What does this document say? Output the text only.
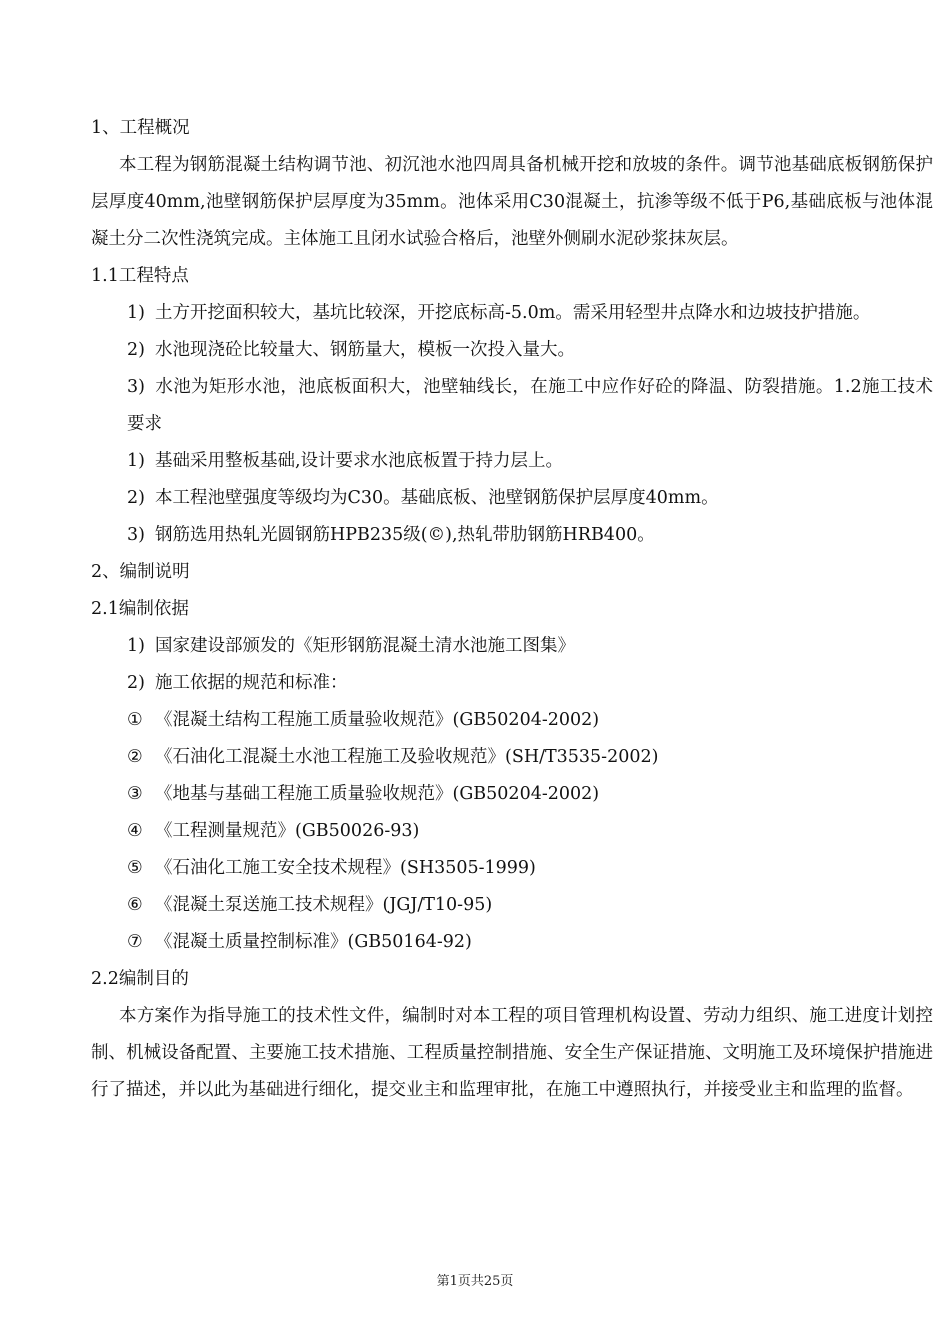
1、工程概况

本工程为钢筋混凝土结构调节池、初沉池水池四周具备机械开挖和放坡的条件。调节池基础底板钢筋保护层厚度40mm,池壁钢筋保护层厚度为35mm。池体采用C30混凝土，抗渗等级不低于P6,基础底板与池体混凝土分二次性浇筑完成。主体施工且闭水试验合格后，池壁外侧刷水泥砂浆抹灰层。

1.1工程特点

1) 土方开挖面积较大，基坑比较深，开挖底标高-5.0m。需采用轻型井点降水和边坡技护措施。

2) 水池现浇砼比较量大、钢筋量大，模板一次投入量大。

3) 水池为矩形水池，池底板面积大，池壁轴线长，在施工中应作好砼的降温、防裂措施。1.2施工技术要求

1) 基础采用整板基础,设计要求水池底板置于持力层上。

2) 本工程池壁强度等级均为C30。基础底板、池壁钢筋保护层厚度40mm。

3) 钢筋选用热轧光圆钢筋HPB235级(©),热轧带肋钢筋HRB400。

2、编制说明

2.1编制依据

1) 国家建设部颁发的《矩形钢筋混凝土清水池施工图集》

2) 施工依据的规范和标准：

① 《混凝土结构工程施工质量验收规范》(GB50204-2002)

② 《石油化工混凝土水池工程施工及验收规范》(SH/T3535-2002)

③ 《地基与基础工程施工质量验收规范》(GB50204-2002)

④ 《工程测量规范》(GB50026-93)

⑤ 《石油化工施工安全技术规程》(SH3505-1999)

⑥ 《混凝土泵送施工技术规程》(JGJ/T10-95)

⑦ 《混凝土质量控制标准》(GB50164-92)

2.2编制目的

本方案作为指导施工的技术性文件，编制时对本工程的项目管理机构设置、劳动力组织、施工进度计划控制、机械设备配置、主要施工技术措施、工程质量控制措施、安全生产保证措施、文明施工及环境保护措施进行了描述，并以此为基础进行细化，提交业主和监理审批，在施工中遵照执行，并接受业主和监理的监督。

第1页共25页
